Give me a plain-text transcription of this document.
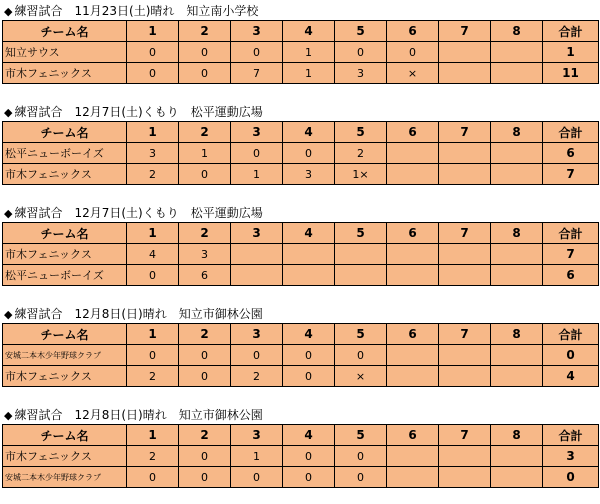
◆ 練習試合　11月23日(土)晴れ　知立南小学校
チーム名	1	2	3	4	5	6	7	8	合計
知立サウス	0	0	0	1	0	0			1
市木フェニックス	0	0	7	1	3	×			11
◆ 練習試合　12月7日(土)くもり　松平運動広場
チーム名	1	2	3	4	5	6	7	8	合計
松平ニューボーイズ	3	1	0	0	2				6
市木フェニックス	2	0	1	3	1×				7
◆ 練習試合　12月7日(土)くもり　松平運動広場
チーム名	1	2	3	4	5	6	7	8	合計
市木フェニックス	4	3							7
松平ニューボーイズ	0	6							6
◆ 練習試合　12月8日(日)晴れ　知立市御林公園
チーム名	1	2	3	4	5	6	7	8	合計
安城二本木少年野球クラブ	0	0	0	0	0				0
市木フェニックス	2	0	2	0	×				4
◆ 練習試合　12月8日(日)晴れ　知立市御林公園
チーム名	1	2	3	4	5	6	7	8	合計
市木フェニックス	2	0	1	0	0				3
安城二本木少年野球クラブ	0	0	0	0	0				0
